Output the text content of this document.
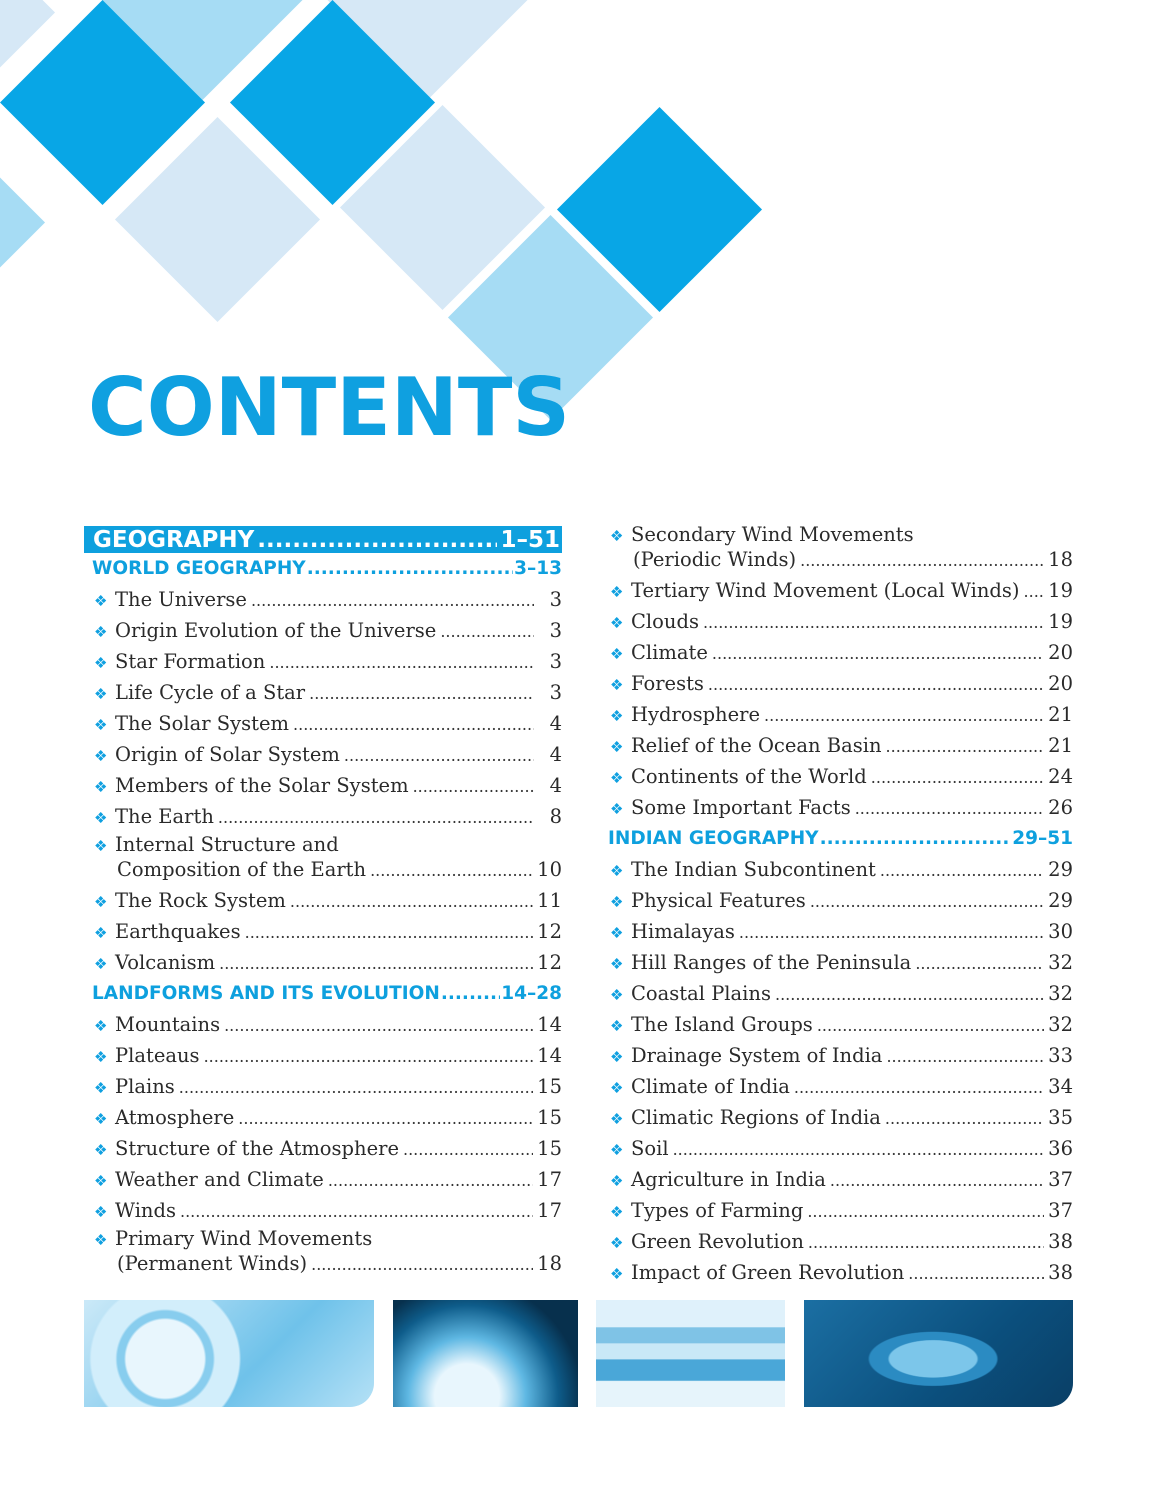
CONTENTS
GEOGRAPHY .....	1–51
WORLD GEOGRAPHY .....	3–13
❖ The Universe .....	3
❖ Origin Evolution of the Universe .....	3
❖ Star Formation .....	3
❖ Life Cycle of a Star .....	3
❖ The Solar System .....	4
❖ Origin of Solar System .....	4
❖ Members of the Solar System .....	4
❖ The Earth .....	8
❖ Internal Structure and
Composition of the Earth .....	10
❖ The Rock System .....	11
❖ Earthquakes .....	12
❖ Volcanism .....	12
LANDFORMS AND ITS EVOLUTION .....	14–28
❖ Mountains .....	14
❖ Plateaus .....	14
❖ Plains .....	15
❖ Atmosphere .....	15
❖ Structure of the Atmosphere .....	15
❖ Weather and Climate .....	17
❖ Winds .....	17
❖ Primary Wind Movements
(Permanent Winds) .....	18
❖ Secondary Wind Movements
(Periodic Winds) .....	18
❖ Tertiary Wind Movement (Local Winds) ..... 19
❖ Clouds .....	19
❖ Climate .....	20
❖ Forests .....	20
❖ Hydrosphere .....	21
❖ Relief of the Ocean Basin .....	21
❖ Continents of the World .....	24
❖ Some Important Facts .....	26
INDIAN GEOGRAPHY .....	29–51
❖ The Indian Subcontinent .....	29
❖ Physical Features .....	29
❖ Himalayas .....	30
❖ Hill Ranges of the Peninsula .....	32
❖ Coastal Plains .....	32
❖ The Island Groups .....	32
❖ Drainage System of India .....	33
❖ Climate of India .....	34
❖ Climatic Regions of India .....	35
❖ Soil .....	36
❖ Agriculture in India .....	37
❖ Types of Farming .....	37
❖ Green Revolution .....	38
❖ Impact of Green Revolution .....	38
